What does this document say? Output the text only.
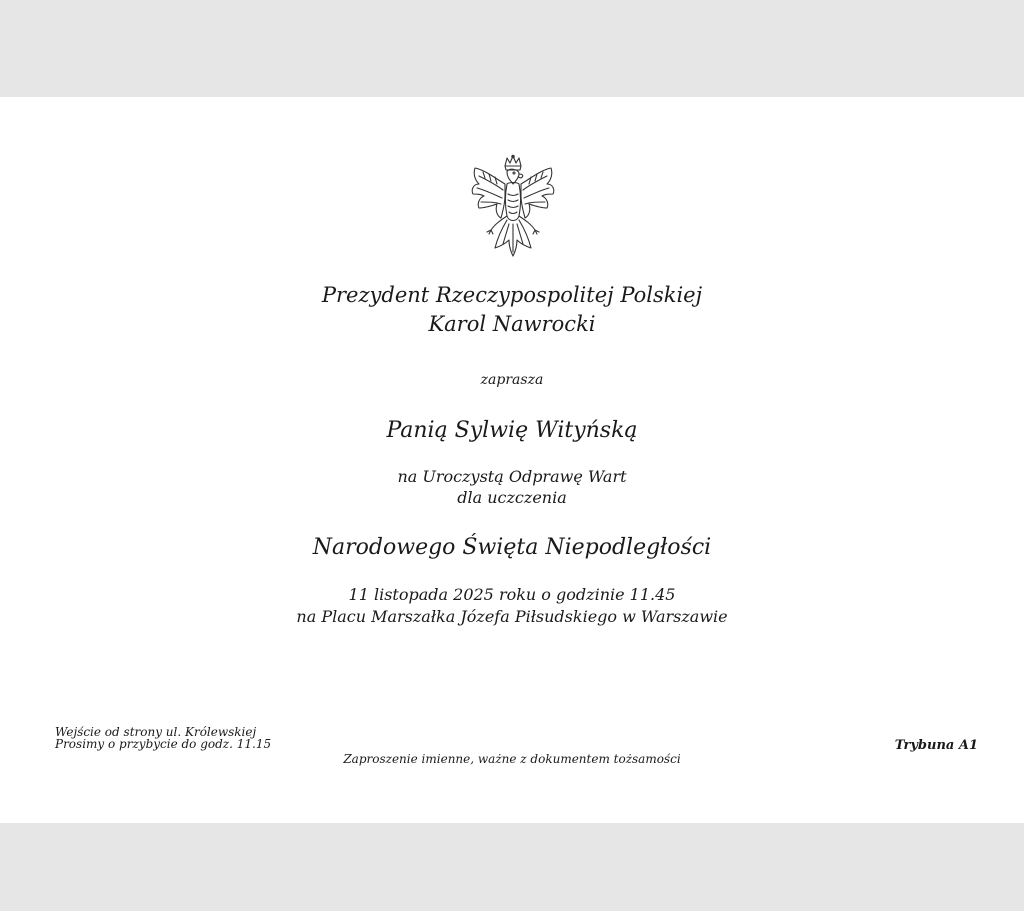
Prezydent Rzeczypospolitej Polskiej
Karol Nawrocki
zaprasza
Panią Sylwię Wityńską
na Uroczystą Odprawę Wart
dla uczczenia
Narodowego Święta Niepodległości
11 listopada 2025 roku o godzinie 11.45
na Placu Marszałka Józefa Piłsudskiego w Warszawie
Wejście od strony ul. Królewskiej
Prosimy o przybycie do godz. 11.15
Zaproszenie imienne, ważne z dokumentem tożsamości
Trybuna A1
